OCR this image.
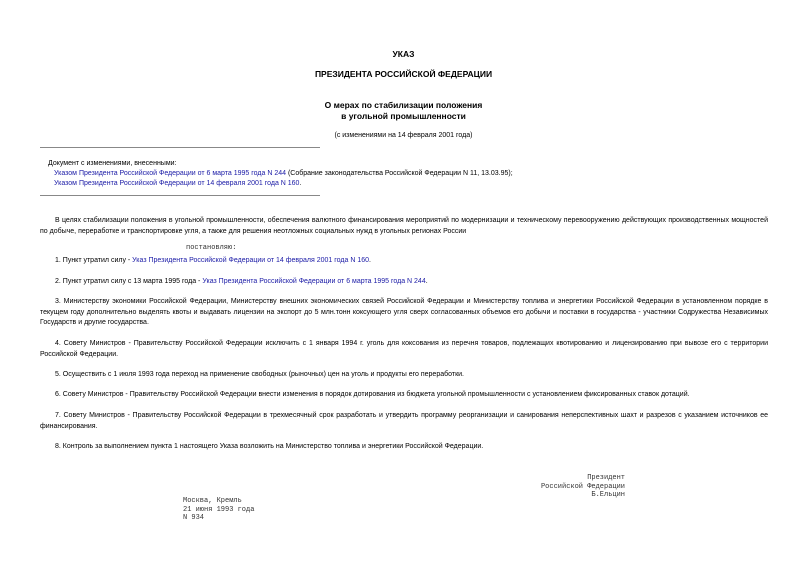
УКАЗ
ПРЕЗИДЕНТА РОССИЙСКОЙ ФЕДЕРАЦИИ
О мерах по стабилизации положения
в угольной промышленности
(с изменениями на 14 февраля 2001 года)
Документ с изменениями, внесенными:
Указом Президента Российской Федерации от 6 марта 1995 года N 244 (Собрание законодательства Российской Федерации N 11, 13.03.95);
Указом Президента Российской Федерации от 14 февраля 2001 года N 160.
В целях стабилизации положения в угольной промышленности, обеспечения валютного финансирования мероприятий по модернизации и техническому перевооружению действующих производственных мощностей по добыче, переработке и транспортировке угля, а также для решения неотложных социальных нужд в угольных регионах России
постановляю:
1. Пункт утратил силу - Указ Президента Российской Федерации от 14 февраля 2001 года N 160.
2. Пункт утратил силу с 13 марта 1995 года - Указ Президента Российской Федерации от 6 марта 1995 года N 244.
3. Министерству экономики Российской Федерации, Министерству внешних экономических связей Российской Федерации и Министерству топлива и энергетики Российской Федерации в установленном порядке в текущем году дополнительно выделять квоты и выдавать лицензии на экспорт до 5 млн.тонн коксующего угля сверх согласованных объемов его добычи и поставки в государства - участники Содружества Независимых Государств и другие государства.
4. Совету Министров - Правительству Российской Федерации исключить с 1 января 1994 г. уголь для коксования из перечня товаров, подлежащих квотированию и лицензированию при вывозе его с территории Российской Федерации.
5. Осуществить с 1 июля 1993 года переход на применение свободных (рыночных) цен на уголь и продукты его переработки.
6. Совету Министров - Правительству Российской Федерации внести изменения в порядок дотирования из бюджета угольной промышленности с установлением фиксированных ставок дотаций.
7. Совету Министров - Правительству Российской Федерации в трехмесячный срок разработать и утвердить программу реорганизации и санирования неперспективных шахт и разрезов с указанием источников ее финансирования.
8. Контроль за выполнением пункта 1 настоящего Указа возложить на Министерство топлива и энергетики Российской Федерации.
Президент
Российской Федерации
Б.Ельцин
Москва, Кремль
21 июня 1993 года
N 934
